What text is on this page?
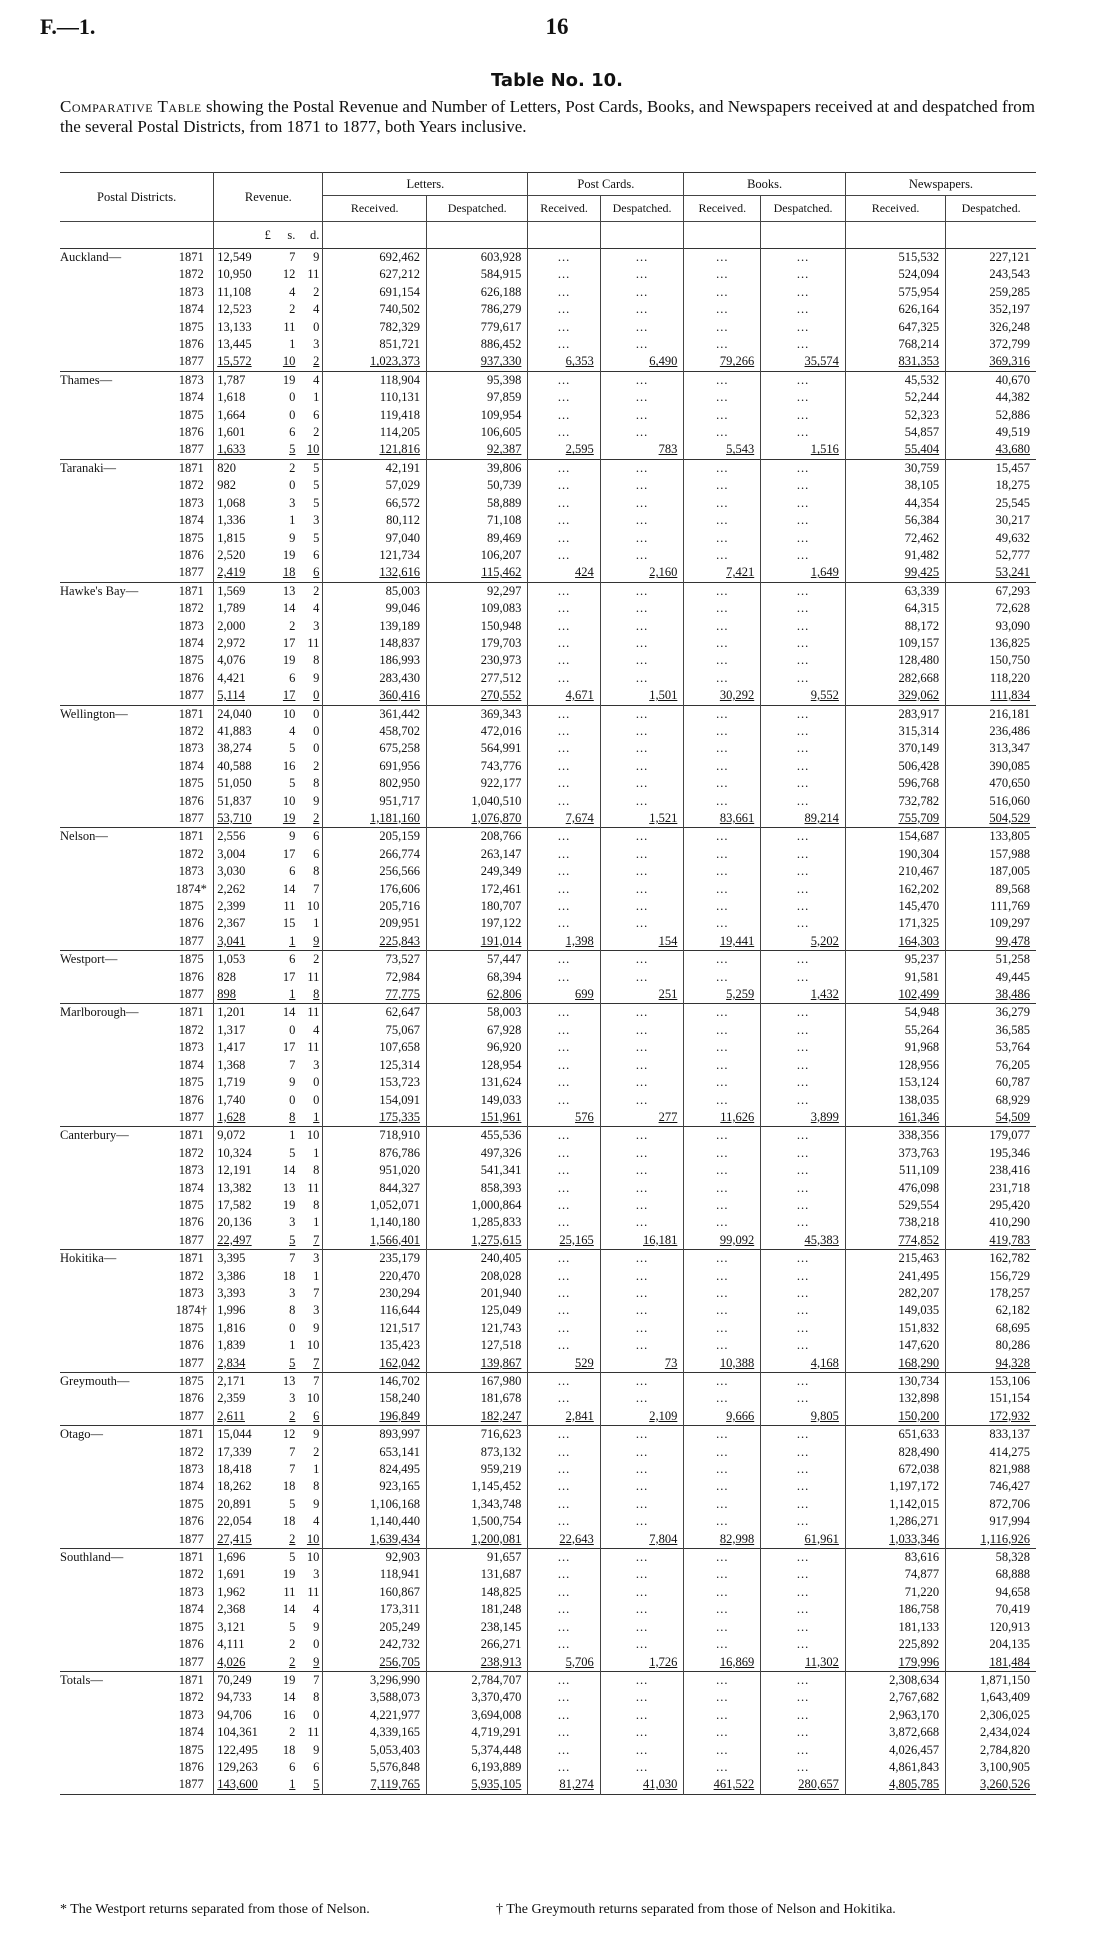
F.—1.	16
Table No. 10.
Comparative Table showing the Postal Revenue and Number of Letters, Post Cards, Books, and Newspapers received at and despatched from the several Postal Districts, from 1871 to 1877, both Years inclusive.
Postal Districts.		Revenue.			Letters.		Post Cards.		Books.		Newspapers.	
					Received.	Despatched.	Received.	Despatched.	Received.	Despatched.	Received.	Despatched.
		£	s.	d.								
Auckland—	1871	12,549	7	9	692,462	603,928	...	...	...	...	515,532	227,121
	1872	10,950	12	11	627,212	584,915	...	...	...	...	524,094	243,543
	1873	11,108	4	2	691,154	626,188	...	...	...	...	575,954	259,285
	1874	12,523	2	4	740,502	786,279	...	...	...	...	626,164	352,197
	1875	13,133	11	0	782,329	779,617	...	...	...	...	647,325	326,248
	1876	13,445	1	3	851,721	886,452	...	...	...	...	768,214	372,799
	1877	15,572	10	2	1,023,373	937,330	6,353	6,490	79,266	35,574	831,353	369,316
Thames—	1873	1,787	19	4	118,904	95,398	...	...	...	...	45,532	40,670
	1874	1,618	0	1	110,131	97,859	...	...	...	...	52,244	44,382
	1875	1,664	0	6	119,418	109,954	...	...	...	...	52,323	52,886
	1876	1,601	6	2	114,205	106,605	...	...	...	...	54,857	49,519
	1877	1,633	5	10	121,816	92,387	2,595	783	5,543	1,516	55,404	43,680
Taranaki—	1871	820	2	5	42,191	39,806	...	...	...	...	30,759	15,457
	1872	982	0	5	57,029	50,739	...	...	...	...	38,105	18,275
	1873	1,068	3	5	66,572	58,889	...	...	...	...	44,354	25,545
	1874	1,336	1	3	80,112	71,108	...	...	...	...	56,384	30,217
	1875	1,815	9	5	97,040	89,469	...	...	...	...	72,462	49,632
	1876	2,520	19	6	121,734	106,207	...	...	...	...	91,482	52,777
	1877	2,419	18	6	132,616	115,462	424	2,160	7,421	1,649	99,425	53,241
Hawke's Bay—	1871	1,569	13	2	85,003	92,297	...	...	...	...	63,339	67,293
	1872	1,789	14	4	99,046	109,083	...	...	...	...	64,315	72,628
	1873	2,000	2	3	139,189	150,948	...	...	...	...	88,172	93,090
	1874	2,972	17	11	148,837	179,703	...	...	...	...	109,157	136,825
	1875	4,076	19	8	186,993	230,973	...	...	...	...	128,480	150,750
	1876	4,421	6	9	283,430	277,512	...	...	...	...	282,668	118,220
	1877	5,114	17	0	360,416	270,552	4,671	1,501	30,292	9,552	329,062	111,834
Wellington—	1871	24,040	10	0	361,442	369,343	...	...	...	...	283,917	216,181
	1872	41,883	4	0	458,702	472,016	...	...	...	...	315,314	236,486
	1873	38,274	5	0	675,258	564,991	...	...	...	...	370,149	313,347
	1874	40,588	16	2	691,956	743,776	...	...	...	...	506,428	390,085
	1875	51,050	5	8	802,950	922,177	...	...	...	...	596,768	470,650
	1876	51,837	10	9	951,717	1,040,510	...	...	...	...	732,782	516,060
	1877	53,710	19	2	1,181,160	1,076,870	7,674	1,521	83,661	89,214	755,709	504,529
Nelson—	1871	2,556	9	6	205,159	208,766	...	...	...	...	154,687	133,805
	1872	3,004	17	6	266,774	263,147	...	...	...	...	190,304	157,988
	1873	3,030	6	8	256,566	249,349	...	...	...	...	210,467	187,005
	1874*	2,262	14	7	176,606	172,461	...	...	...	...	162,202	89,568
	1875	2,399	11	10	205,716	180,707	...	...	...	...	145,470	111,769
	1876	2,367	15	1	209,951	197,122	...	...	...	...	171,325	109,297
	1877	3,041	1	9	225,843	191,014	1,398	154	19,441	5,202	164,303	99,478
Westport—	1875	1,053	6	2	73,527	57,447	...	...	...	...	95,237	51,258
	1876	828	17	11	72,984	68,394	...	...	...	...	91,581	49,445
	1877	898	1	8	77,775	62,806	699	251	5,259	1,432	102,499	38,486
Marlborough—	1871	1,201	14	11	62,647	58,003	...	...	...	...	54,948	36,279
	1872	1,317	0	4	75,067	67,928	...	...	...	...	55,264	36,585
	1873	1,417	17	11	107,658	96,920	...	...	...	...	91,968	53,764
	1874	1,368	7	3	125,314	128,954	...	...	...	...	128,956	76,205
	1875	1,719	9	0	153,723	131,624	...	...	...	...	153,124	60,787
	1876	1,740	0	0	154,091	149,033	...	...	...	...	138,035	68,929
	1877	1,628	8	1	175,335	151,961	576	277	11,626	3,899	161,346	54,509
Canterbury—	1871	9,072	1	10	718,910	455,536	...	...	...	...	338,356	179,077
	1872	10,324	5	1	876,786	497,326	...	...	...	...	373,763	195,346
	1873	12,191	14	8	951,020	541,341	...	...	...	...	511,109	238,416
	1874	13,382	13	11	844,327	858,393	...	...	...	...	476,098	231,718
	1875	17,582	19	8	1,052,071	1,000,864	...	...	...	...	529,554	295,420
	1876	20,136	3	1	1,140,180	1,285,833	...	...	...	...	738,218	410,290
	1877	22,497	5	7	1,566,401	1,275,615	25,165	16,181	99,092	45,383	774,852	419,783
Hokitika—	1871	3,395	7	3	235,179	240,405	...	...	...	...	215,463	162,782
	1872	3,386	18	1	220,470	208,028	...	...	...	...	241,495	156,729
	1873	3,393	3	7	230,294	201,940	...	...	...	...	282,207	178,257
	1874†	1,996	8	3	116,644	125,049	...	...	...	...	149,035	62,182
	1875	1,816	0	9	121,517	121,743	...	...	...	...	151,832	68,695
	1876	1,839	1	10	135,423	127,518	...	...	...	...	147,620	80,286
	1877	2,834	5	7	162,042	139,867	529	73	10,388	4,168	168,290	94,328
Greymouth—	1875	2,171	13	7	146,702	167,980	...	...	...	...	130,734	153,106
	1876	2,359	3	10	158,240	181,678	...	...	...	...	132,898	151,154
	1877	2,611	2	6	196,849	182,247	2,841	2,109	9,666	9,805	150,200	172,932
Otago—	1871	15,044	12	9	893,997	716,623	...	...	...	...	651,633	833,137
	1872	17,339	7	2	653,141	873,132	...	...	...	...	828,490	414,275
	1873	18,418	7	1	824,495	959,219	...	...	...	...	672,038	821,988
	1874	18,262	18	8	923,165	1,145,452	...	...	...	...	1,197,172	746,427
	1875	20,891	5	9	1,106,168	1,343,748	...	...	...	...	1,142,015	872,706
	1876	22,054	18	4	1,140,440	1,500,754	...	...	...	...	1,286,271	917,994
	1877	27,415	2	10	1,639,434	1,200,081	22,643	7,804	82,998	61,961	1,033,346	1,116,926
Southland—	1871	1,696	5	10	92,903	91,657	...	...	...	...	83,616	58,328
	1872	1,691	19	3	118,941	131,687	...	...	...	...	74,877	68,888
	1873	1,962	11	11	160,867	148,825	...	...	...	...	71,220	94,658
	1874	2,368	14	4	173,311	181,248	...	...	...	...	186,758	70,419
	1875	3,121	5	9	205,249	238,145	...	...	...	...	181,133	120,913
	1876	4,111	2	0	242,732	266,271	...	...	...	...	225,892	204,135
	1877	4,026	2	9	256,705	238,913	5,706	1,726	16,869	11,302	179,996	181,484
Totals—	1871	70,249	19	7	3,296,990	2,784,707	...	...	...	...	2,308,634	1,871,150
	1872	94,733	14	8	3,588,073	3,370,470	...	...	...	...	2,767,682	1,643,409
	1873	94,706	16	0	4,221,977	3,694,008	...	...	...	...	2,963,170	2,306,025
	1874	104,361	2	11	4,339,165	4,719,291	...	...	...	...	3,872,668	2,434,024
	1875	122,495	18	9	5,053,403	5,374,448	...	...	...	...	4,026,457	2,784,820
	1876	129,263	6	6	5,576,848	6,193,889	...	...	...	...	4,861,843	3,100,905
	1877	143,600	1	5	7,119,765	5,935,105	81,274	41,030	461,522	280,657	4,805,785	3,260,526
* The Westport returns separated from those of Nelson.	† The Greymouth returns separated from those of Nelson and Hokitika.
